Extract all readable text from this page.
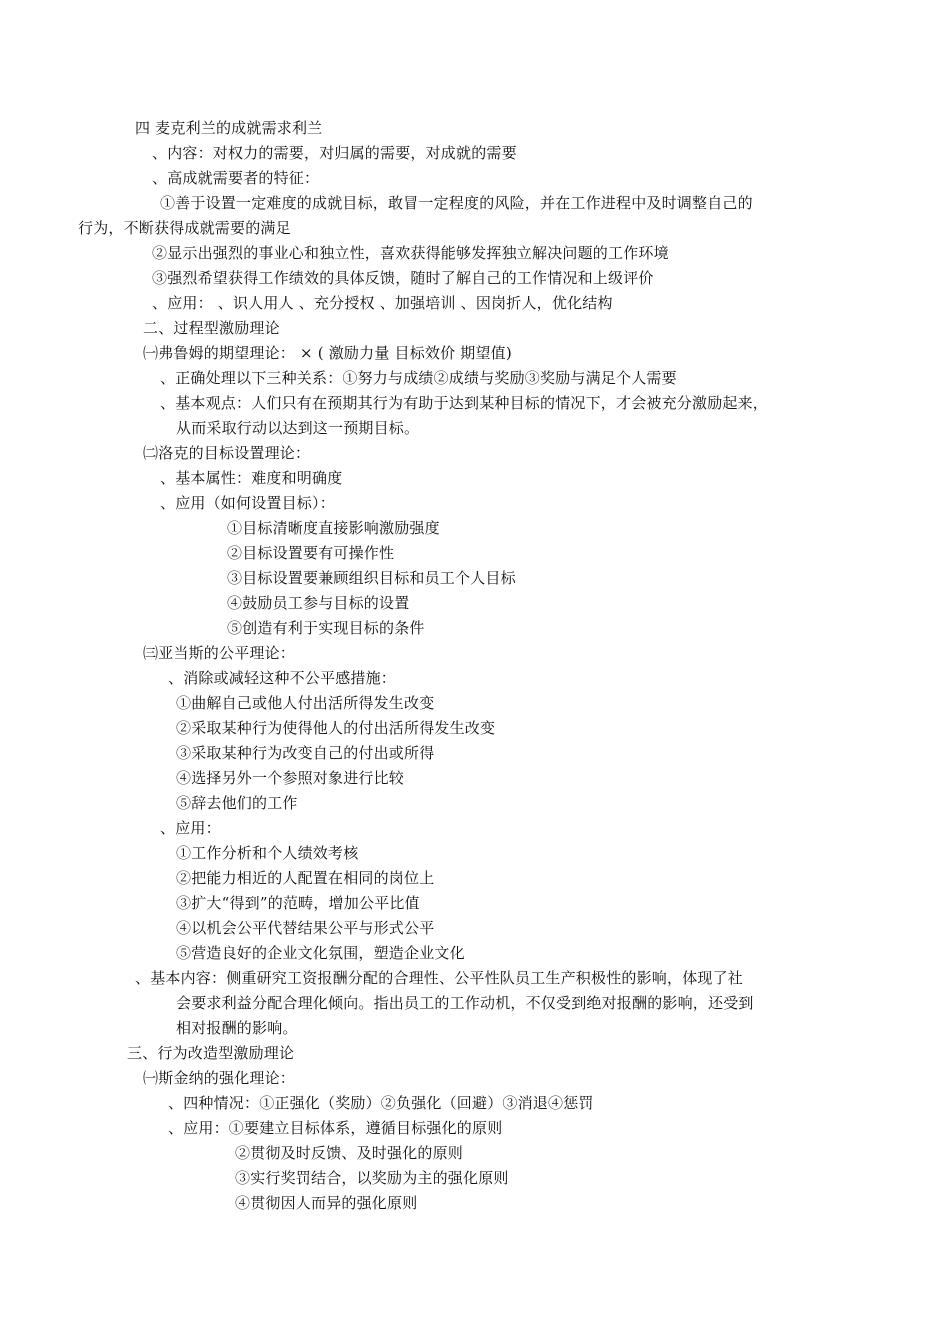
四 麦克利兰的成就需求利兰
、内容：对权力的需要，对归属的需要，对成就的需要
、高成就需要者的特征：
①善于设置一定难度的成就目标，敢冒一定程度的风险，并在工作进程中及时调整自己的
行为，不断获得成就需要的满足
②显示出强烈的事业心和独立性，喜欢获得能够发挥独立解决问题的工作环境
③强烈希望获得工作绩效的具体反馈，随时了解自己的工作情况和上级评价
、应用： 、识人用人 、充分授权 、加强培训 、因岗折人，优化结构
二、过程型激励理论
㈠弗鲁姆的期望理论： × ( 激励力量 目标效价 期望值)
、正确处理以下三种关系：①努力与成绩②成绩与奖励③奖励与满足个人需要
、基本观点：人们只有在预期其行为有助于达到某种目标的情况下，才会被充分激励起来，
从而采取行动以达到这一预期目标。
㈡洛克的目标设置理论：
、基本属性：难度和明确度
、应用（如何设置目标）：
①目标清晰度直接影响激励强度
②目标设置要有可操作性
③目标设置要兼顾组织目标和员工个人目标
④鼓励员工参与目标的设置
⑤创造有利于实现目标的条件
㈢亚当斯的公平理论：
、消除或减轻这种不公平感措施：
①曲解自己或他人付出活所得发生改变
②采取某种行为使得他人的付出活所得发生改变
③采取某种行为改变自己的付出或所得
④选择另外一个参照对象进行比较
⑤辞去他们的工作
、应用：
①工作分析和个人绩效考核
②把能力相近的人配置在相同的岗位上
③扩大“得到”的范畴，增加公平比值
④以机会公平代替结果公平与形式公平
⑤营造良好的企业文化氛围，塑造企业文化
、基本内容：侧重研究工资报酬分配的合理性、公平性队员工生产积极性的影响，体现了社
会要求利益分配合理化倾向。指出员工的工作动机，不仅受到绝对报酬的影响，还受到
相对报酬的影响。
三、行为改造型激励理论
㈠斯金纳的强化理论：
、四种情况：①正强化（奖励）②负强化（回避）③消退④惩罚
、应用：①要建立目标体系，遵循目标强化的原则
②贯彻及时反馈、及时强化的原则
③实行奖罚结合，以奖励为主的强化原则
④贯彻因人而异的强化原则
